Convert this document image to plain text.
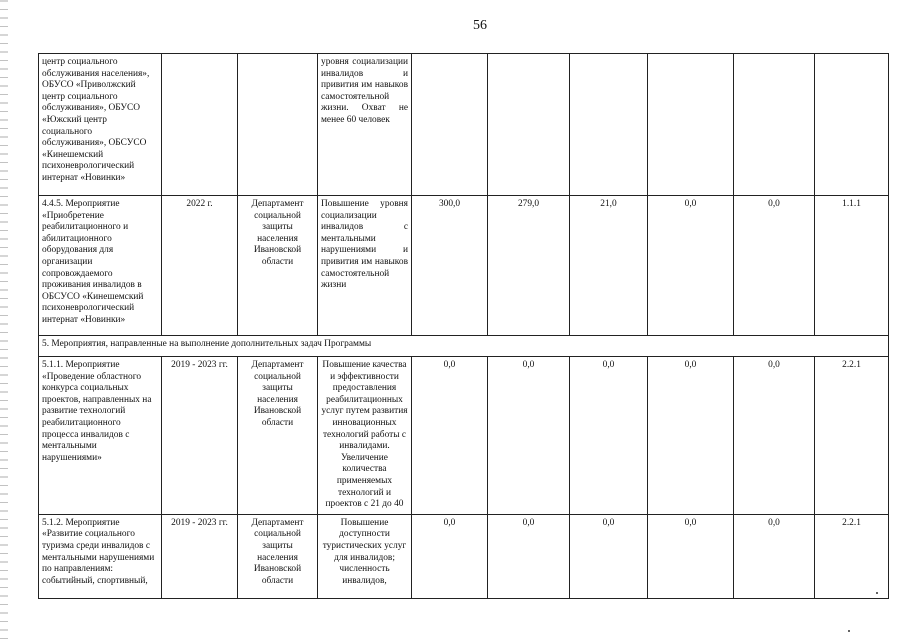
56
центр социального обслуживания населения», ОБУСО «Приволжский центр социального обслуживания», ОБУСО «Южский центр социального обслуживания», ОБСУСО «Кинешемский психоневрологический интернат «Новинки»			уровня социализации инвалидов и привития им навыков самостоятельной жизни. Охват не менее 60 человек						
4.4.5. Мероприятие «Приобретение реабилитационного и абилитационного оборудования для организации сопровождаемого проживания инвалидов в ОБСУСО «Кинешемский психоневрологический интернат «Новинки»	2022 г.	Департамент социальной защиты населения Ивановской области	Повышение уровня социализации инвалидов с ментальными нарушениями и привития им навыков самостоятельной жизни	300,0	279,0	21,0	0,0	0,0	1.1.1
5. Мероприятия, направленные на выполнение дополнительных задач Программы									
5.1.1. Мероприятие «Проведение областного конкурса социальных проектов, направленных на развитие технологий реабилитационного процесса инвалидов с ментальными нарушениями»	2019 - 2023 гг.	Департамент социальной защиты населения Ивановской области	Повышение качества и эффективности предоставления реабилитационных услуг путем развития инновационных технологий работы с инвалидами. Увеличение количества применяемых технологий и проектов с 21 до 40	0,0	0,0	0,0	0,0	0,0	2.2.1
5.1.2. Мероприятие «Развитие социального туризма среди инвалидов с ментальными нарушениями по направлениям: событийный, спортивный,	2019 - 2023 гг.	Департамент социальной защиты населения Ивановской области	Повышение доступности туристических услуг для инвалидов; численность инвалидов,	0,0	0,0	0,0	0,0	0,0	2.2.1
